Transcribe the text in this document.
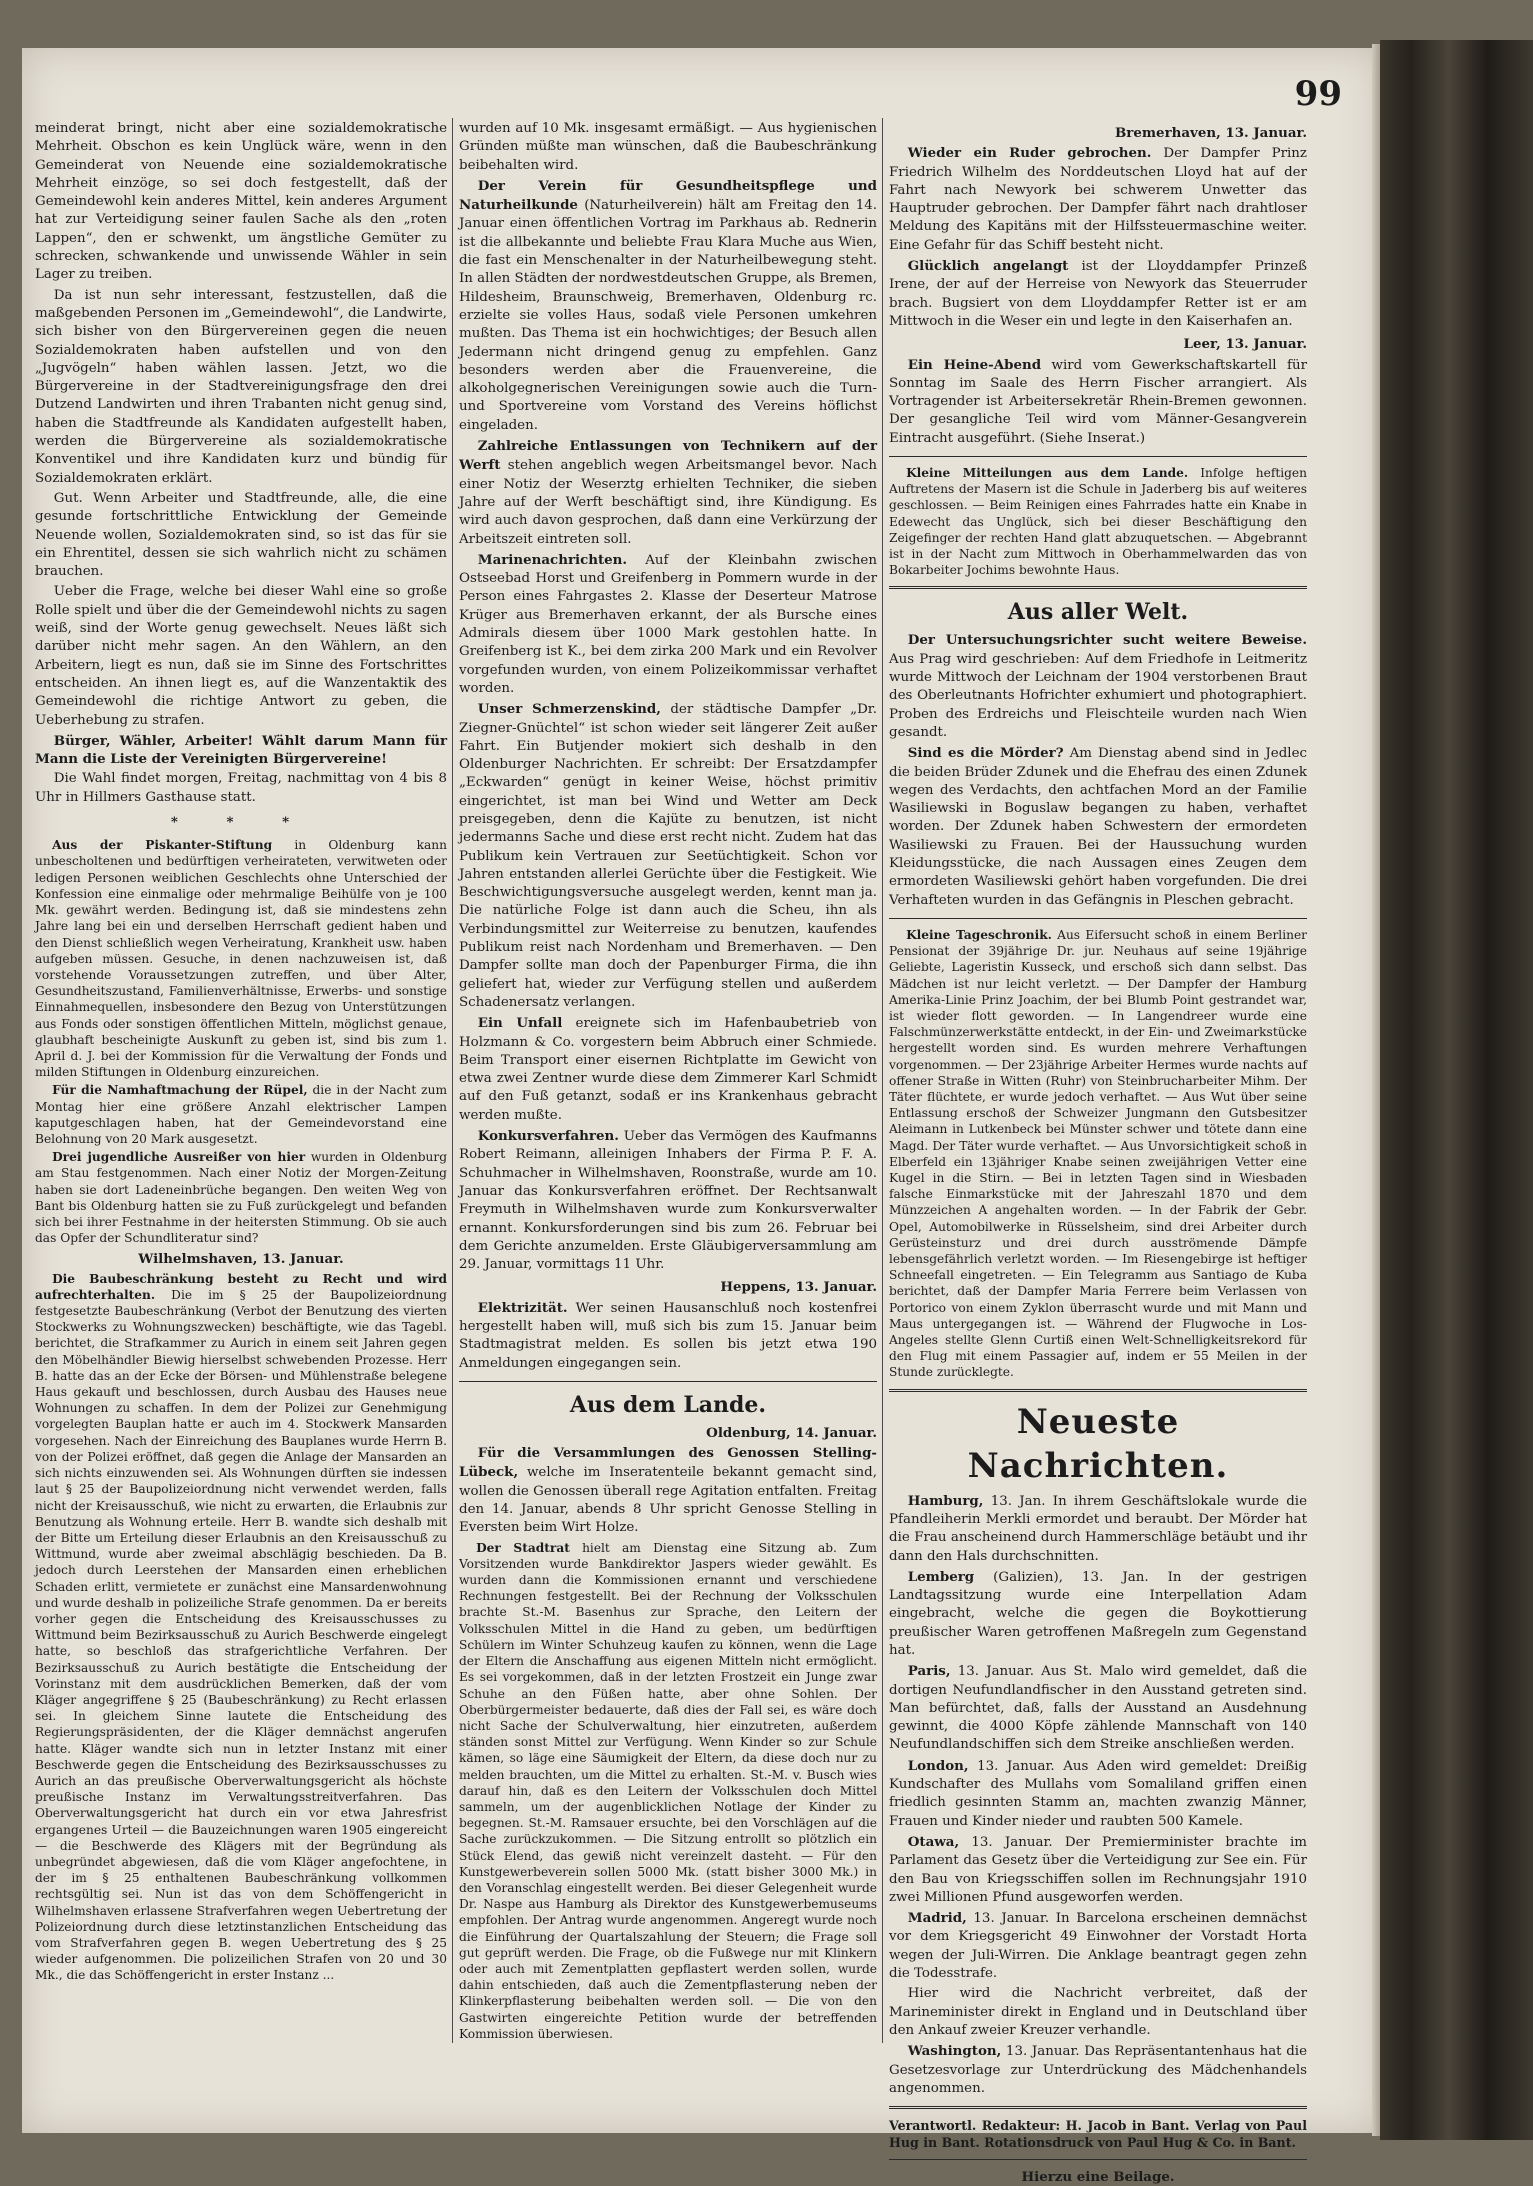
99

meinderat bringt, nicht aber eine sozialdemokratische Mehrheit. Obschon es kein Unglück wäre, wenn in den Gemeinderat von Neuende eine sozialdemokratische Mehrheit einzöge, so sei doch festgestellt, daß der Gemeindewohl kein anderes Mittel, kein anderes Argument hat zur Verteidigung seiner faulen Sache als den „roten Lappen“, den er schwenkt, um ängstliche Gemüter zu schrecken, schwankende und unwissende Wähler in sein Lager zu treiben.

Da ist nun sehr interessant, festzustellen, daß die maßgebenden Personen im „Gemeindewohl“, die Landwirte, sich bisher von den Bürgervereinen gegen die neuen Sozialdemokraten haben aufstellen und von den „Jugvögeln“ haben wählen lassen. Jetzt, wo die Bürgervereine in der Stadtvereinigungsfrage den drei Dutzend Landwirten und ihren Trabanten nicht genug sind, haben die Stadtfreunde als Kandidaten aufgestellt haben, werden die Bürgervereine als sozialdemokratische Konventikel und ihre Kandidaten kurz und bündig für Sozialdemokraten erklärt.

Gut. Wenn Arbeiter und Stadtfreunde, alle, die eine gesunde fortschrittliche Entwicklung der Gemeinde Neuende wollen, Sozialdemokraten sind, so ist das für sie ein Ehrentitel, dessen sie sich wahrlich nicht zu schämen brauchen.

Ueber die Frage, welche bei dieser Wahl eine so große Rolle spielt und über die der Gemeindewohl nichts zu sagen weiß, sind der Worte genug gewechselt. Neues läßt sich darüber nicht mehr sagen. An den Wählern, an den Arbeitern, liegt es nun, daß sie im Sinne des Fortschrittes entscheiden. An ihnen liegt es, auf die Wanzentaktik des Gemeindewohl die richtige Antwort zu geben, die Ueberhebung zu strafen.

Bürger, Wähler, Arbeiter! Wählt darum Mann für Mann die Liste der Vereinigten Bürgervereine!

Die Wahl findet morgen, Freitag, nachmittag von 4 bis 8 Uhr in Hillmers Gasthause statt.

* * *

Aus der Piskanter-Stiftung in Oldenburg kann unbescholtenen und bedürftigen verheirateten, verwitweten oder ledigen Personen weiblichen Geschlechts ohne Unterschied der Konfession eine einmalige oder mehrmalige Beihülfe von je 100 Mk. gewährt werden. Bedingung ist, daß sie mindestens zehn Jahre lang bei ein und derselben Herrschaft gedient haben und den Dienst schließlich wegen Verheiratung, Krankheit usw. haben aufgeben müssen. Gesuche, in denen nachzuweisen ist, daß vorstehende Voraussetzungen zutreffen, und über Alter, Gesundheitszustand, Familienverhältnisse, Erwerbs- und sonstige Einnahmequellen, insbesondere den Bezug von Unterstützungen aus Fonds oder sonstigen öffentlichen Mitteln, möglichst genaue, glaubhaft bescheinigte Auskunft zu geben ist, sind bis zum 1. April d. J. bei der Kommission für die Verwaltung der Fonds und milden Stiftungen in Oldenburg einzureichen.

Für die Namhaftmachung der Rüpel, die in der Nacht zum Montag hier eine größere Anzahl elektrischer Lampen kaputgeschlagen haben, hat der Gemeindevorstand eine Belohnung von 20 Mark ausgesetzt.

Drei jugendliche Ausreißer von hier wurden in Oldenburg am Stau festgenommen. Nach einer Notiz der Morgen-Zeitung haben sie dort Ladeneinbrüche begangen. Den weiten Weg von Bant bis Oldenburg hatten sie zu Fuß zurückgelegt und befanden sich bei ihrer Festnahme in der heitersten Stimmung. Ob sie auch das Opfer der Schundliteratur sind?

Wilhelmshaven, 13. Januar.

Die Baubeschränkung besteht zu Recht und wird aufrechterhalten. Die im § 25 der Baupolizeiordnung festgesetzte Baubeschränkung (Verbot der Benutzung des vierten Stockwerks zu Wohnungszwecken) beschäftigte, wie das Tagebl. berichtet, die Strafkammer zu Aurich in einem seit Jahren gegen den Möbelhändler Biewig hierselbst schwebenden Prozesse. Herr B. hatte das an der Ecke der Börsen- und Mühlenstraße belegene Haus gekauft und beschlossen, durch Ausbau des Hauses neue Wohnungen zu schaffen. In dem der Polizei zur Genehmigung vorgelegten Bauplan hatte er auch im 4. Stockwerk Mansarden vorgesehen. Nach der Einreichung des Bauplanes wurde Herrn B. von der Polizei eröffnet, daß gegen die Anlage der Mansarden an sich nichts einzuwenden sei. Als Wohnungen dürften sie indessen laut § 25 der Baupolizeiordnung nicht verwendet werden, falls nicht der Kreisausschuß, wie nicht zu erwarten, die Erlaubnis zur Benutzung als Wohnung erteile. Herr B. wandte sich deshalb mit der Bitte um Erteilung dieser Erlaubnis an den Kreisausschuß zu Wittmund, wurde aber zweimal abschlägig beschieden. Da B. jedoch durch Leerstehen der Mansarden einen erheblichen Schaden erlitt, vermietete er zunächst eine Mansardenwohnung und wurde deshalb in polizeiliche Strafe genommen. Da er bereits vorher gegen die Entscheidung des Kreisausschusses zu Wittmund beim Bezirksausschuß zu Aurich Beschwerde eingelegt hatte, so beschloß das strafgerichtliche Verfahren. Der Bezirksausschuß zu Aurich bestätigte die Entscheidung der Vorinstanz mit dem ausdrücklichen Bemerken, daß der vom Kläger angegriffene § 25 (Baubeschränkung) zu Recht erlassen sei. In gleichem Sinne lautete die Entscheidung des Regierungspräsidenten, der die Kläger demnächst angerufen hatte. Kläger wandte sich nun in letzter Instanz mit einer Beschwerde gegen die Entscheidung des Bezirksausschusses zu Aurich an das preußische Oberverwaltungsgericht als höchste preußische Instanz im Verwaltungsstreitverfahren. Das Oberverwaltungsgericht hat durch ein vor etwa Jahresfrist ergangenes Urteil — die Bauzeichnungen waren 1905 eingereicht — die Beschwerde des Klägers mit der Begründung als unbegründet abgewiesen, daß die vom Kläger angefochtene, in der im § 25 enthaltenen Baubeschränkung vollkommen rechtsgültig sei. Nun ist das von dem Schöffengericht in Wilhelmshaven erlassene Strafverfahren wegen Uebertretung der Polizeiordnung durch diese letztinstanzlichen Entscheidung das vom Strafverfahren gegen B. wegen Uebertretung des § 25 wieder aufgenommen. Die polizeilichen Strafen von 20 und 30 Mk., die das Schöffengericht in erster Instanz ...

wurden auf 10 Mk. insgesamt ermäßigt. — Aus hygienischen Gründen müßte man wünschen, daß die Baubeschränkung beibehalten wird.

Der Verein für Gesundheitspflege und Naturheilkunde (Naturheilverein) hält am Freitag den 14. Januar einen öffentlichen Vortrag im Parkhaus ab. Rednerin ist die allbekannte und beliebte Frau Klara Muche aus Wien, die fast ein Menschenalter in der Naturheilbewegung steht. In allen Städten der nordwestdeutschen Gruppe, als Bremen, Hildesheim, Braunschweig, Bremerhaven, Oldenburg rc. erzielte sie volles Haus, sodaß viele Personen umkehren mußten. Das Thema ist ein hochwichtiges; der Besuch allen Jedermann nicht dringend genug zu empfehlen. Ganz besonders werden aber die Frauenvereine, die alkoholgegnerischen Vereinigungen sowie auch die Turn- und Sportvereine vom Vorstand des Vereins höflichst eingeladen.

Zahlreiche Entlassungen von Technikern auf der Werft stehen angeblich wegen Arbeitsmangel bevor. Nach einer Notiz der Weserztg erhielten Techniker, die sieben Jahre auf der Werft beschäftigt sind, ihre Kündigung. Es wird auch davon gesprochen, daß dann eine Verkürzung der Arbeitszeit eintreten soll.

Marinenachrichten. Auf der Kleinbahn zwischen Ostseebad Horst und Greifenberg in Pommern wurde in der Person eines Fahrgastes 2. Klasse der Deserteur Matrose Krüger aus Bremerhaven erkannt, der als Bursche eines Admirals diesem über 1000 Mark gestohlen hatte. In Greifenberg ist K., bei dem zirka 200 Mark und ein Revolver vorgefunden wurden, von einem Polizeikommissar verhaftet worden.

Unser Schmerzenskind, der städtische Dampfer „Dr. Ziegner-Gnüchtel“ ist schon wieder seit längerer Zeit außer Fahrt. Ein Butjender mokiert sich deshalb in den Oldenburger Nachrichten. Er schreibt: Der Ersatzdampfer „Eckwarden“ genügt in keiner Weise, höchst primitiv eingerichtet, ist man bei Wind und Wetter am Deck preisgegeben, denn die Kajüte zu benutzen, ist nicht jedermanns Sache und diese erst recht nicht. Zudem hat das Publikum kein Vertrauen zur Seetüchtigkeit. Schon vor Jahren entstanden allerlei Gerüchte über die Festigkeit. Wie Beschwichtigungsversuche ausgelegt werden, kennt man ja. Die natürliche Folge ist dann auch die Scheu, ihn als Verbindungsmittel zur Weiterreise zu benutzen, kaufendes Publikum reist nach Nordenham und Bremerhaven. — Den Dampfer sollte man doch der Papenburger Firma, die ihn geliefert hat, wieder zur Verfügung stellen und außerdem Schadenersatz verlangen.

Ein Unfall ereignete sich im Hafenbaubetrieb von Holzmann & Co. vorgestern beim Abbruch einer Schmiede. Beim Transport einer eisernen Richtplatte im Gewicht von etwa zwei Zentner wurde diese dem Zimmerer Karl Schmidt auf den Fuß getanzt, sodaß er ins Krankenhaus gebracht werden mußte.

Konkursverfahren. Ueber das Vermögen des Kaufmanns Robert Reimann, alleinigen Inhabers der Firma P. F. A. Schuhmacher in Wilhelmshaven, Roonstraße, wurde am 10. Januar das Konkursverfahren eröffnet. Der Rechtsanwalt Freymuth in Wilhelmshaven wurde zum Konkursverwalter ernannt. Konkursforderungen sind bis zum 26. Februar bei dem Gerichte anzumelden. Erste Gläubigerversammlung am 29. Januar, vormittags 11 Uhr.

Heppens, 13. Januar.

Elektrizität. Wer seinen Hausanschluß noch kostenfrei hergestellt haben will, muß sich bis zum 15. Januar beim Stadtmagistrat melden. Es sollen bis jetzt etwa 190 Anmeldungen eingegangen sein.

Aus dem Lande.
Oldenburg, 14. Januar.

Für die Versammlungen des Genossen Stelling-Lübeck, welche im Inseratenteile bekannt gemacht sind, wollen die Genossen überall rege Agitation entfalten. Freitag den 14. Januar, abends 8 Uhr spricht Genosse Stelling in Eversten beim Wirt Holze.

Der Stadtrat hielt am Dienstag eine Sitzung ab. Zum Vorsitzenden wurde Bankdirektor Jaspers wieder gewählt. Es wurden dann die Kommissionen ernannt und verschiedene Rechnungen festgestellt. Bei der Rechnung der Volksschulen brachte St.-M. Basenhus zur Sprache, den Leitern der Volksschulen Mittel in die Hand zu geben, um bedürftigen Schülern im Winter Schuhzeug kaufen zu können, wenn die Lage der Eltern die Anschaffung aus eigenen Mitteln nicht ermöglicht. Es sei vorgekommen, daß in der letzten Frostzeit ein Junge zwar Schuhe an den Füßen hatte, aber ohne Sohlen. Der Oberbürgermeister bedauerte, daß dies der Fall sei, es wäre doch nicht Sache der Schulverwaltung, hier einzutreten, außerdem ständen sonst Mittel zur Verfügung. Wenn Kinder so zur Schule kämen, so läge eine Säumigkeit der Eltern, da diese doch nur zu melden brauchten, um die Mittel zu erhalten. St.-M. v. Busch wies darauf hin, daß es den Leitern der Volksschulen doch Mittel sammeln, um der augenblicklichen Notlage der Kinder zu begegnen. St.-M. Ramsauer ersuchte, bei den Vorschlägen auf die Sache zurückzukommen. — Die Sitzung entrollt so plötzlich ein Stück Elend, das gewiß nicht vereinzelt dasteht. — Für den Kunstgewerbeverein sollen 5000 Mk. (statt bisher 3000 Mk.) in den Voranschlag eingestellt werden. Bei dieser Gelegenheit wurde Dr. Naspe aus Hamburg als Direktor des Kunstgewerbemuseums empfohlen. Der Antrag wurde angenommen. Angeregt wurde noch die Einführung der Quartalszahlung der Steuern; die Frage soll gut geprüft werden. Die Frage, ob die Fußwege nur mit Klinkern oder auch mit Zementplatten gepflastert werden sollen, wurde dahin entschieden, daß auch die Zementpflasterung neben der Klinkerpflasterung beibehalten werden soll. — Die von den Gastwirten eingereichte Petition wurde der betreffenden Kommission überwiesen.

Bremerhaven, 13. Januar.

Wieder ein Ruder gebrochen. Der Dampfer Prinz Friedrich Wilhelm des Norddeutschen Lloyd hat auf der Fahrt nach Newyork bei schwerem Unwetter das Hauptruder gebrochen. Der Dampfer fährt nach drahtloser Meldung des Kapitäns mit der Hilfssteuermaschine weiter. Eine Gefahr für das Schiff besteht nicht.

Glücklich angelangt ist der Lloyddampfer Prinzeß Irene, der auf der Herreise von Newyork das Steuerruder brach. Bugsiert von dem Lloyddampfer Retter ist er am Mittwoch in die Weser ein und legte in den Kaiserhafen an.

Leer, 13. Januar.

Ein Heine-Abend wird vom Gewerkschaftskartell für Sonntag im Saale des Herrn Fischer arrangiert. Als Vortragender ist Arbeitersekretär Rhein-Bremen gewonnen. Der gesangliche Teil wird vom Männer-Gesangverein Eintracht ausgeführt. (Siehe Inserat.)

Kleine Mitteilungen aus dem Lande. Infolge heftigen Auftretens der Masern ist die Schule in Jaderberg bis auf weiteres geschlossen. — Beim Reinigen eines Fahrrades hatte ein Knabe in Edewecht das Unglück, sich bei dieser Beschäftigung den Zeigefinger der rechten Hand glatt abzuquetschen. — Abgebrannt ist in der Nacht zum Mittwoch in Oberhammelwarden das von Bokarbeiter Jochims bewohnte Haus.

Aus aller Welt.

Der Untersuchungsrichter sucht weitere Beweise. Aus Prag wird geschrieben: Auf dem Friedhofe in Leitmeritz wurde Mittwoch der Leichnam der 1904 verstorbenen Braut des Oberleutnants Hofrichter exhumiert und photographiert. Proben des Erdreichs und Fleischteile wurden nach Wien gesandt.

Sind es die Mörder? Am Dienstag abend sind in Jedlec die beiden Brüder Zdunek und die Ehefrau des einen Zdunek wegen des Verdachts, den achtfachen Mord an der Familie Wasiliewski in Boguslaw begangen zu haben, verhaftet worden. Der Zdunek haben Schwestern der ermordeten Wasiliewski zu Frauen. Bei der Haussuchung wurden Kleidungsstücke, die nach Aussagen eines Zeugen dem ermordeten Wasiliewski gehört haben vorgefunden. Die drei Verhafteten wurden in das Gefängnis in Pleschen gebracht.

Kleine Tageschronik. Aus Eifersucht schoß in einem Berliner Pensionat der 39jährige Dr. jur. Neuhaus auf seine 19jährige Geliebte, Lageristin Kusseck, und erschoß sich dann selbst. Das Mädchen ist nur leicht verletzt. — Der Dampfer der Hamburg Amerika-Linie Prinz Joachim, der bei Blumb Point gestrandet war, ist wieder flott geworden. — In Langendreer wurde eine Falschmünzerwerkstätte entdeckt, in der Ein- und Zweimarkstücke hergestellt worden sind. Es wurden mehrere Verhaftungen vorgenommen. — Der 23jährige Arbeiter Hermes wurde nachts auf offener Straße in Witten (Ruhr) von Steinbrucharbeiter Mihm. Der Täter flüchtete, er wurde jedoch verhaftet. — Aus Wut über seine Entlassung erschoß der Schweizer Jungmann den Gutsbesitzer Aleimann in Lutkenbeck bei Münster schwer und tötete dann eine Magd. Der Täter wurde verhaftet. — Aus Unvorsichtigkeit schoß in Elberfeld ein 13jähriger Knabe seinen zweijährigen Vetter eine Kugel in die Stirn. — Bei in letzten Tagen sind in Wiesbaden falsche Einmarkstücke mit der Jahreszahl 1870 und dem Münzzeichen A angehalten worden. — In der Fabrik der Gebr. Opel, Automobilwerke in Rüsselsheim, sind drei Arbeiter durch Gerüsteinsturz und drei durch ausströmende Dämpfe lebensgefährlich verletzt worden. — Im Riesengebirge ist heftiger Schneefall eingetreten. — Ein Telegramm aus Santiago de Kuba berichtet, daß der Dampfer Maria Ferrere beim Verlassen von Portorico von einem Zyklon überrascht wurde und mit Mann und Maus untergegangen ist. — Während der Flugwoche in Los-Angeles stellte Glenn Curtiß einen Welt-Schnelligkeitsrekord für den Flug mit einem Passagier auf, indem er 55 Meilen in der Stunde zurücklegte.

Neueste Nachrichten.

Hamburg, 13. Jan. In ihrem Geschäftslokale wurde die Pfandleiherin Merkli ermordet und beraubt. Der Mörder hat die Frau anscheinend durch Hammerschläge betäubt und ihr dann den Hals durchschnitten.

Lemberg (Galizien), 13. Jan. In der gestrigen Landtagssitzung wurde eine Interpellation Adam eingebracht, welche die gegen die Boykottierung preußischer Waren getroffenen Maßregeln zum Gegenstand hat.

Paris, 13. Januar. Aus St. Malo wird gemeldet, daß die dortigen Neufundlandfischer in den Ausstand getreten sind. Man befürchtet, daß, falls der Ausstand an Ausdehnung gewinnt, die 4000 Köpfe zählende Mannschaft von 140 Neufundlandschiffen sich dem Streike anschließen werden.

London, 13. Januar. Aus Aden wird gemeldet: Dreißig Kundschafter des Mullahs vom Somaliland griffen einen friedlich gesinnten Stamm an, machten zwanzig Männer, Frauen und Kinder nieder und raubten 500 Kamele.

Otawa, 13. Januar. Der Premierminister brachte im Parlament das Gesetz über die Verteidigung zur See ein. Für den Bau von Kriegsschiffen sollen im Rechnungsjahr 1910 zwei Millionen Pfund ausgeworfen werden.

Madrid, 13. Januar. In Barcelona erscheinen demnächst vor dem Kriegsgericht 49 Einwohner der Vorstadt Horta wegen der Juli-Wirren. Die Anklage beantragt gegen zehn die Todesstrafe.

Hier wird die Nachricht verbreitet, daß der Marineminister direkt in England und in Deutschland über den Ankauf zweier Kreuzer verhandle.

Washington, 13. Januar. Das Repräsentantenhaus hat die Gesetzesvorlage zur Unterdrückung des Mädchenhandels angenommen.

Verantwortl. Redakteur: H. Jacob in Bant. Verlag von Paul Hug in Bant. Rotationsdruck von Paul Hug & Co. in Bant.

Hierzu eine Beilage.
